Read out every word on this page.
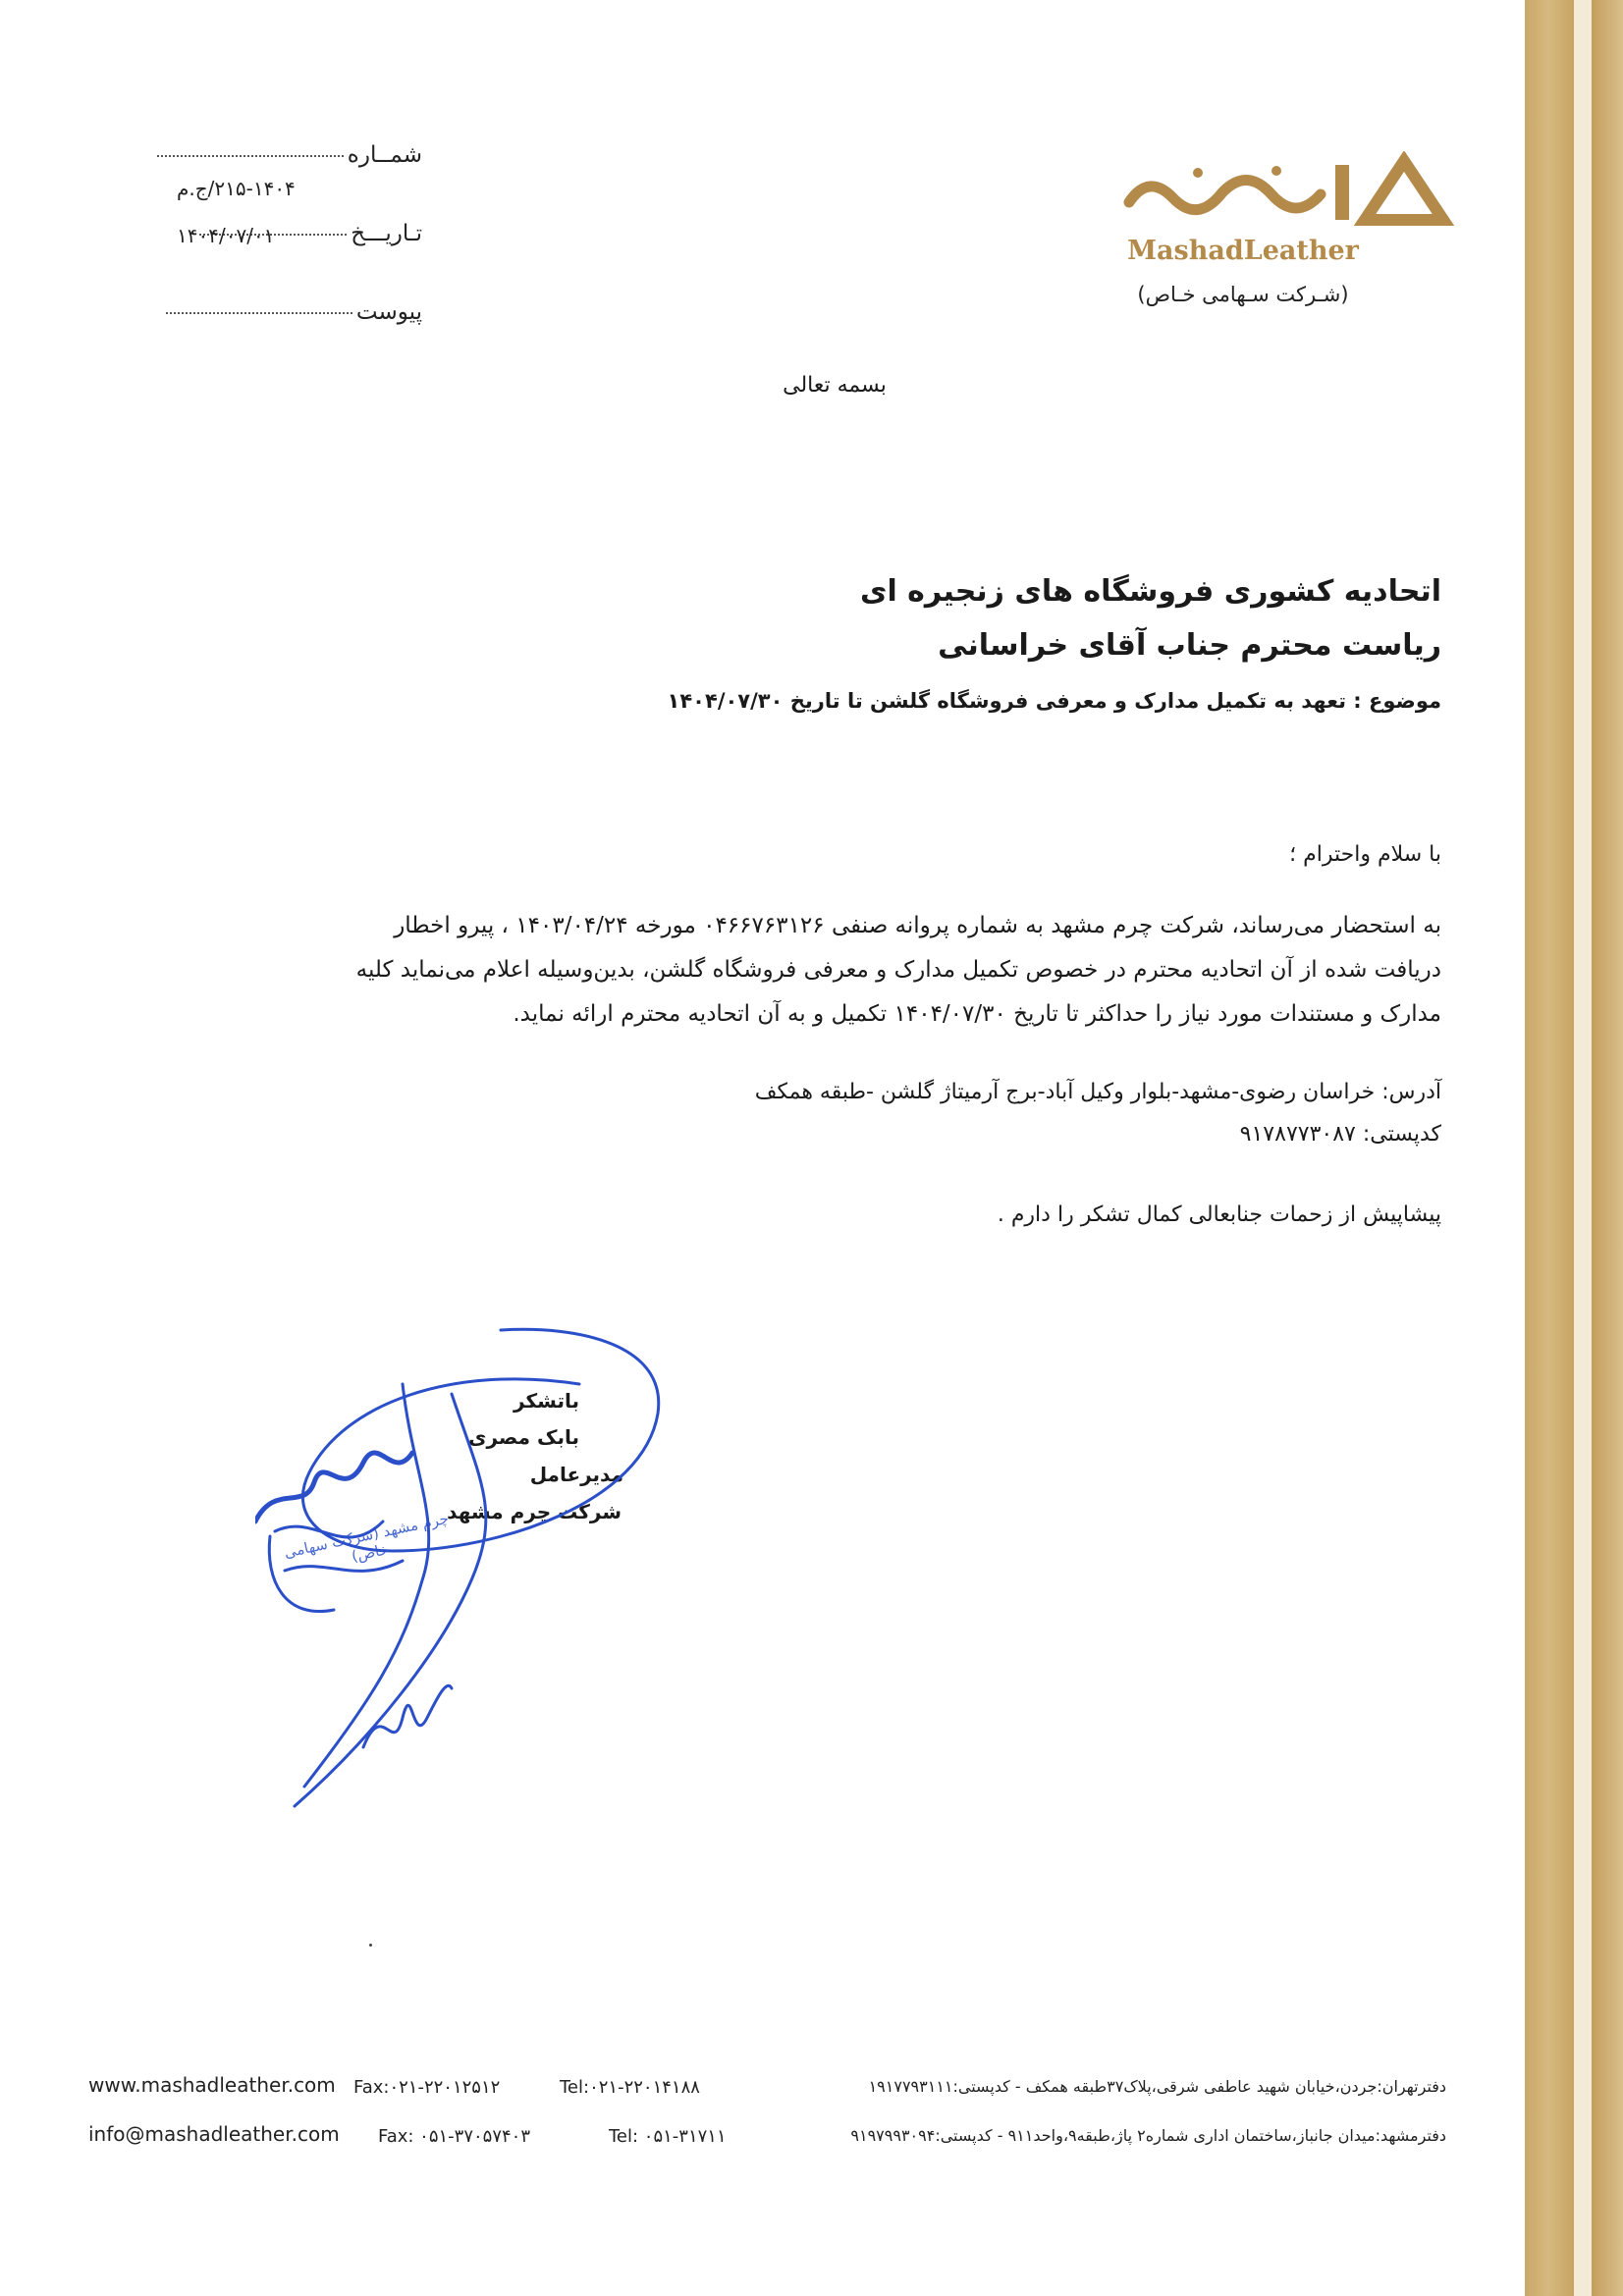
MashadLeather
(شـرکت سـهامی خـاص)
شمــاره
۲۱۵-۱۴۰۴/ج.م
تـاریـــخ
۱۴۰۴/۰۷/۰۱
پیوست
بسمه تعالی
اتحادیه کشوری فروشگاه های زنجیره ای
ریاست محترم جناب آقای خراسانی
موضوع : تعهد به تکمیل مدارک و معرفی فروشگاه گلشن تا تاریخ ۱۴۰۴/۰۷/۳۰
با سلام واحترام ؛
به استحضار می‌رساند، شرکت چرم مشهد به شماره پروانه صنفی ۰۴۶۶۷۶۳۱۲۶ مورخه ۱۴۰۳/۰۴/۲۴ ، پیرو اخطار
دریافت شده از آن اتحادیه محترم در خصوص تکمیل مدارک و معرفی فروشگاه گلشن، بدین‌وسیله اعلام می‌نماید کلیه
مدارک و مستندات مورد نیاز را حداکثر تا تاریخ ۱۴۰۴/۰۷/۳۰ تکمیل و به آن اتحادیه محترم ارائه نماید.
آدرس: خراسان رضوی-مشهد-بلوار وکیل آباد-برج آرمیتاژ گلشن -طبقه همکف
کدپستی: ۹۱۷۸۷۷۳۰۸۷
پیشاپیش از زحمات جنابعالی کمال تشکر را دارم .
باتشکر
بابک مصری
مدیرعامل
شرکت چرم مشهد
چرم مشهد (شرکت سهامی خاص)
www.mashadleather.com Fax:۰۲۱-۲۲۰۱۲۵۱۲	Tel:۰۲۱-۲۲۰۱۴۱۸۸	دفترتهران:جردن،خیابان شهید عاطفی شرقی،پلاک۳۷طبقه همکف - کدپستی:۱۹۱۷۷۹۳۱۱۱
info@mashadleather.com Fax: ۰۵۱-۳۷۰۵۷۴۰۳	Tel: ۰۵۱-۳۱۷۱۱	دفترمشهد:میدان جانباز،ساختمان اداری شماره۲ پاژ،طبقه۹،واحد۹۱۱ - کدپستی:۹۱۹۷۹۹۳۰۹۴
